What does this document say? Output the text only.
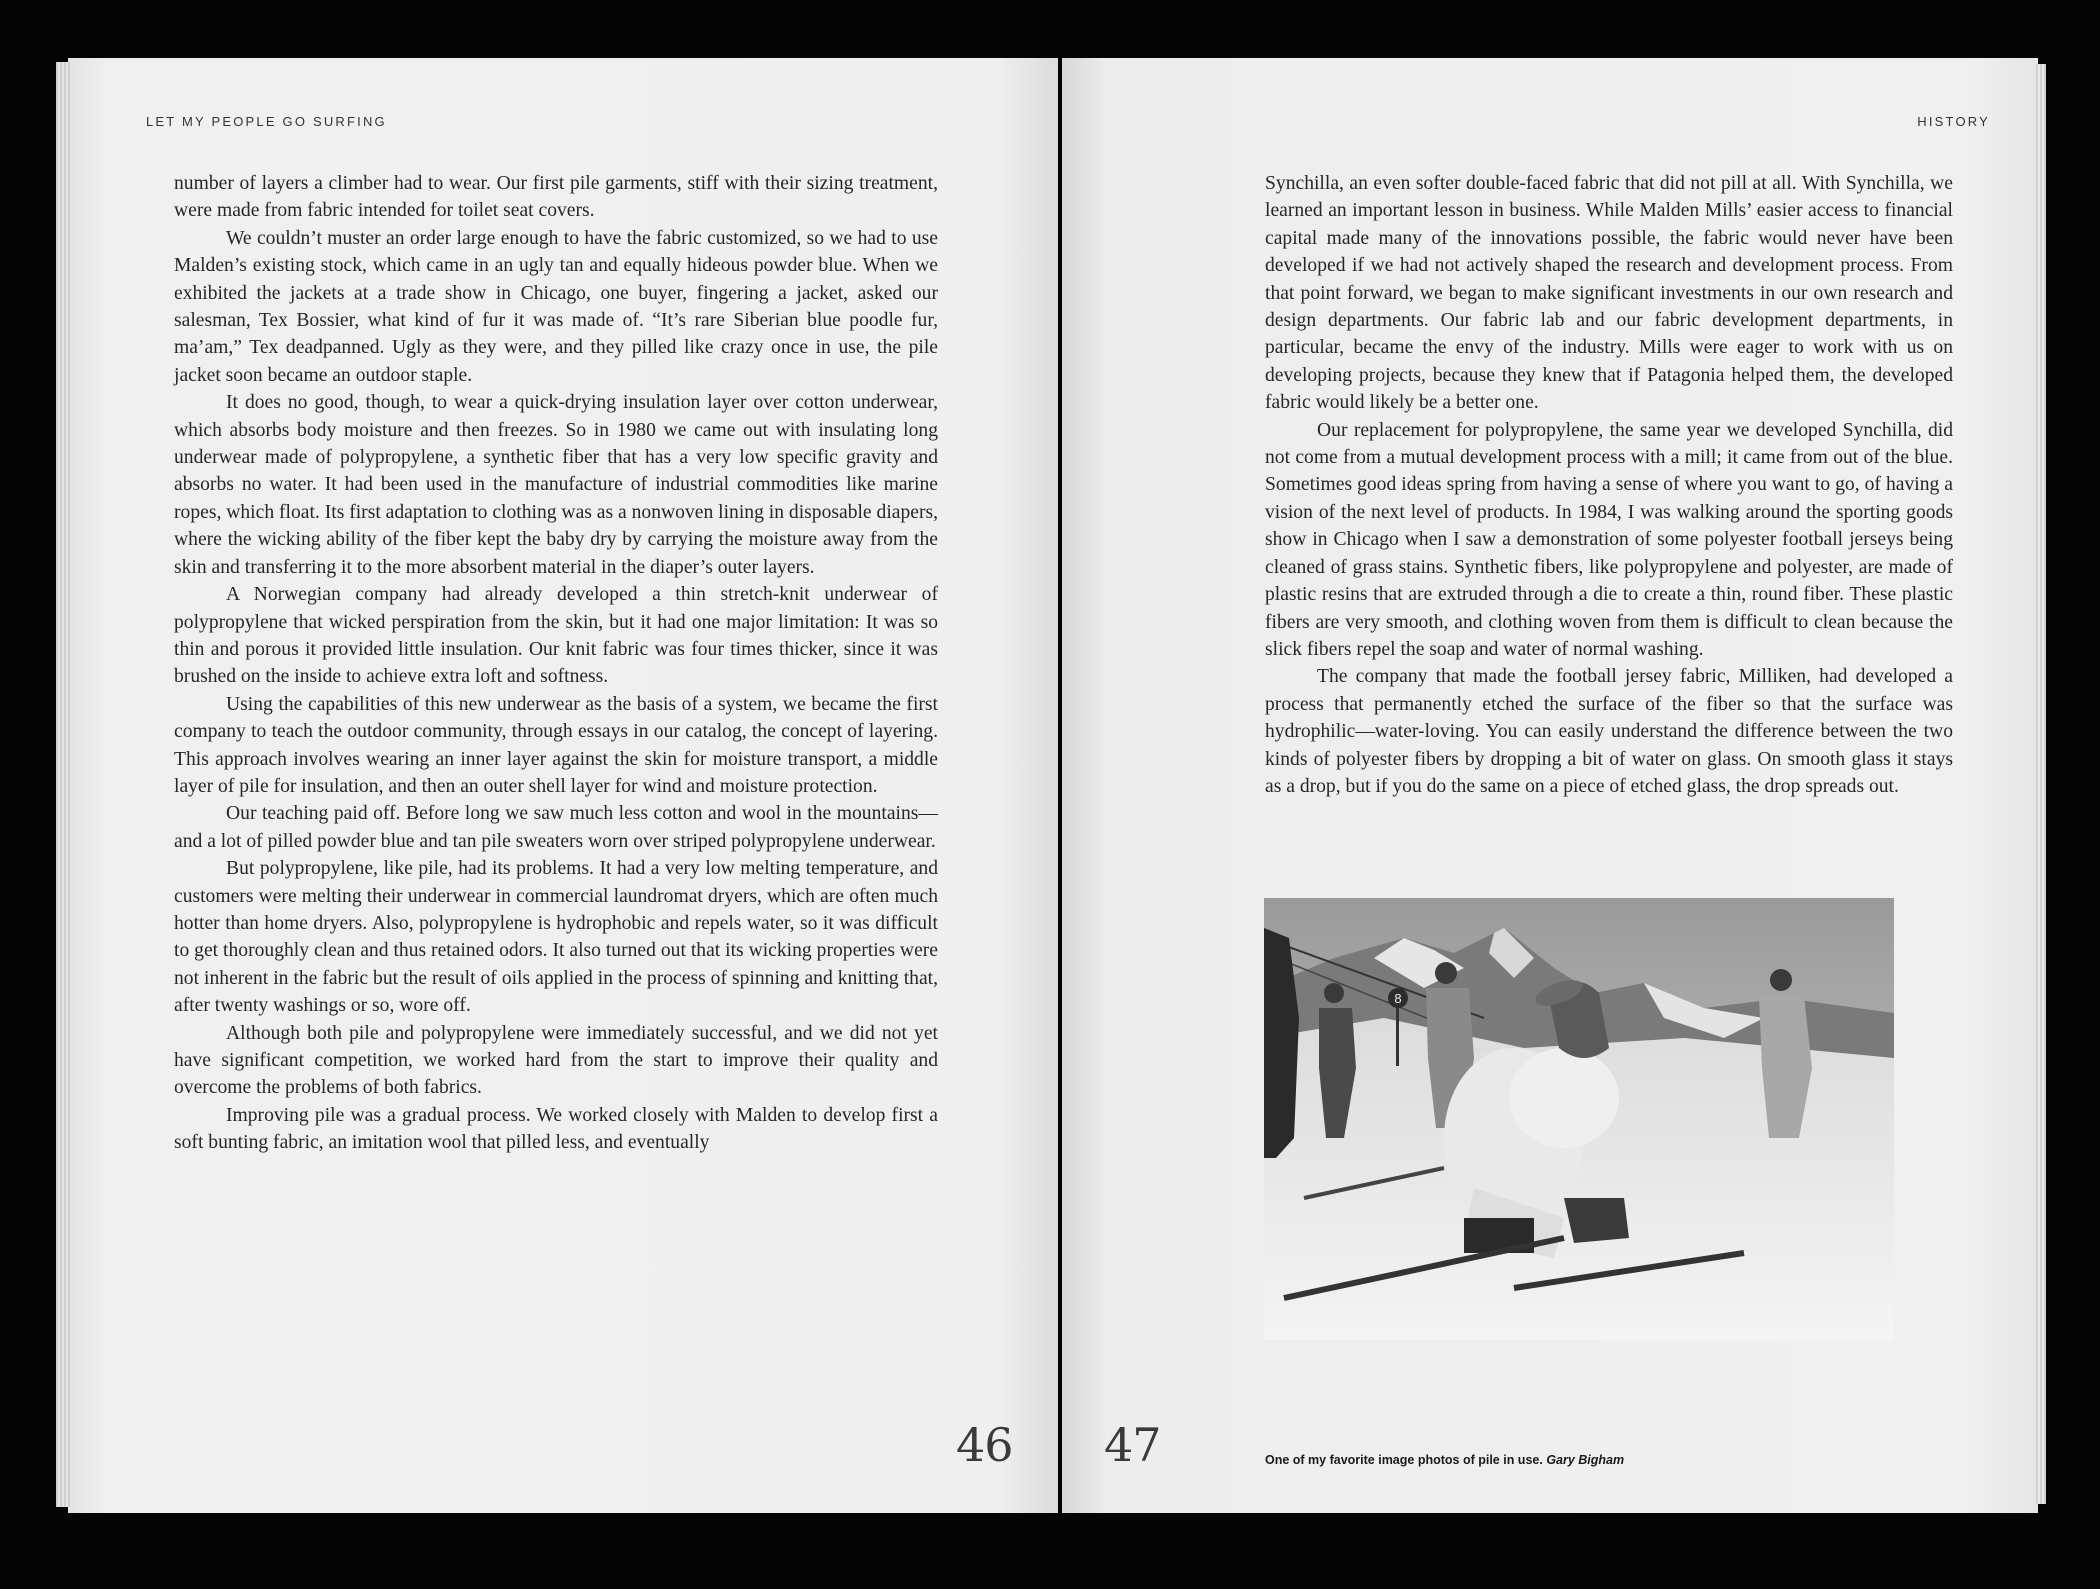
LET MY PEOPLE GO SURFING

number of layers a climber had to wear. Our first pile garments, stiff with their sizing treatment, were made from fabric intended for toilet seat covers.

We couldn’t muster an order large enough to have the fabric customized, so we had to use Malden’s existing stock, which came in an ugly tan and equally hideous powder blue. When we exhibited the jackets at a trade show in Chicago, one buyer, fingering a jacket, asked our salesman, Tex Bossier, what kind of fur it was made of. “It’s rare Siberian blue poodle fur, ma’am,” Tex deadpanned. Ugly as they were, and they pilled like crazy once in use, the pile jacket soon became an outdoor staple.

It does no good, though, to wear a quick-drying insulation layer over cotton underwear, which absorbs body moisture and then freezes. So in 1980 we came out with insulating long underwear made of polypropylene, a synthetic fiber that has a very low specific gravity and absorbs no water. It had been used in the manufacture of industrial commodities like marine ropes, which float. Its first adaptation to clothing was as a nonwoven lining in disposable diapers, where the wicking ability of the fiber kept the baby dry by carrying the moisture away from the skin and transferring it to the more absorbent material in the diaper’s outer layers.

A Norwegian company had already developed a thin stretch-knit underwear of polypropylene that wicked perspiration from the skin, but it had one major limitation: It was so thin and porous it provided little insulation. Our knit fabric was four times thicker, since it was brushed on the inside to achieve extra loft and softness.

Using the capabilities of this new underwear as the basis of a system, we became the first company to teach the outdoor community, through essays in our catalog, the concept of layering. This approach involves wearing an inner layer against the skin for moisture transport, a middle layer of pile for insulation, and then an outer shell layer for wind and moisture protection.

Our teaching paid off. Before long we saw much less cotton and wool in the mountains—and a lot of pilled powder blue and tan pile sweaters worn over striped polypropylene underwear.

But polypropylene, like pile, had its problems. It had a very low melting temperature, and customers were melting their underwear in commercial laundromat dryers, which are often much hotter than home dryers. Also, polypropylene is hydrophobic and repels water, so it was difficult to get thoroughly clean and thus retained odors. It also turned out that its wicking properties were not inherent in the fabric but the result of oils applied in the process of spinning and knitting that, after twenty washings or so, wore off.

Although both pile and polypropylene were immediately successful, and we did not yet have significant competition, we worked hard from the start to improve their quality and overcome the problems of both fabrics.

Improving pile was a gradual process. We worked closely with Malden to develop first a soft bunting fabric, an imitation wool that pilled less, and eventually

46
HISTORY

Synchilla, an even softer double-faced fabric that did not pill at all. With Synchilla, we learned an important lesson in business. While Malden Mills’ easier access to financial capital made many of the innovations possible, the fabric would never have been developed if we had not actively shaped the research and development process. From that point forward, we began to make significant investments in our own research and design departments. Our fabric lab and our fabric development departments, in particular, became the envy of the industry. Mills were eager to work with us on developing projects, because they knew that if Patagonia helped them, the developed fabric would likely be a better one.

Our replacement for polypropylene, the same year we developed Synchilla, did not come from a mutual development process with a mill; it came from out of the blue. Sometimes good ideas spring from having a sense of where you want to go, of having a vision of the next level of products. In 1984, I was walking around the sporting goods show in Chicago when I saw a demonstration of some polyester football jerseys being cleaned of grass stains. Synthetic fibers, like polypropylene and polyester, are made of plastic resins that are extruded through a die to create a thin, round fiber. These plastic fibers are very smooth, and clothing woven from them is difficult to clean because the slick fibers repel the soap and water of normal washing.

The company that made the football jersey fabric, Milliken, had developed a process that permanently etched the surface of the fiber so that the surface was hydrophilic—water-loving. You can easily understand the difference between the two kinds of polyester fibers by dropping a bit of water on glass. On smooth glass it stays as a drop, but if you do the same on a piece of etched glass, the drop spreads out.

8
47	One of my favorite image photos of pile in use. Gary Bigham
